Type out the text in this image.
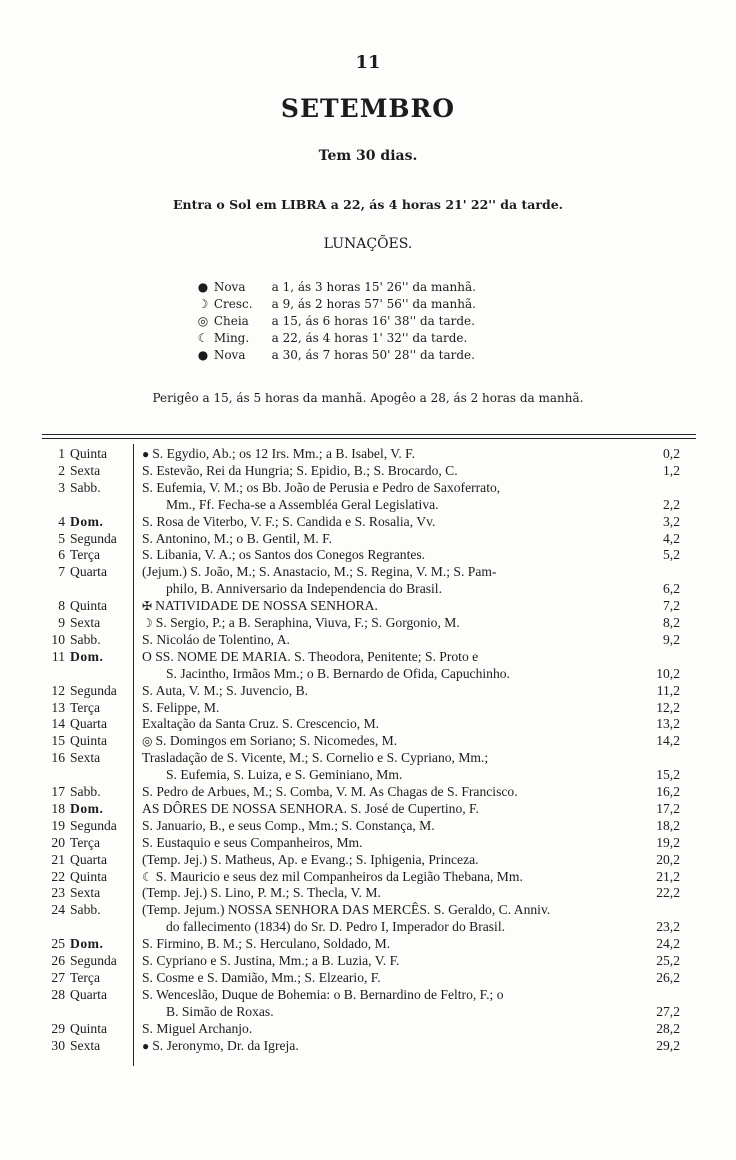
11
SETEMBRO
Tem 30 dias.
Entra o Sol em LIBRA a 22, ás 4 horas 21' 22'' da tarde.
LUNAÇÕES.
● Nova a 1, ás 3 horas 15' 26'' da manhã.
☽ Cresc. a 9, ás 2 horas 57' 56'' da manhã.
◎ Cheia a 15, ás 6 horas 16' 38'' da tarde.
☾ Ming. a 22, ás 4 horas 1' 32'' da tarde.
● Nova a 30, ás 7 horas 50' 28'' da tarde.
Perigêo a 15, ás 5 horas da manhã. Apogêo a 28, ás 2 horas da manhã.
1 Quinta	● S. Egydio, Ab.; os 12 Irs. Mm.; a B. Isabel, V. F.	0,2
2 Sexta	S. Estevão, Rei da Hungria; S. Epidio, B.; S. Brocardo, C.	1,2
3 Sabb.	S. Eufemia, V. M.; os Bb. João de Perusia e Pedro de Saxoferrato,
Mm., Ff. Fecha-se a Assembléa Geral Legislativa.	2,2
4 Dom.	S. Rosa de Viterbo, V. F.; S. Candida e S. Rosalia, Vv.	3,2
5 Segunda S. Antonino, M.; o B. Gentil, M. F.	4,2
6 Terça	S. Libania, V. A.; os Santos dos Conegos Regrantes.	5,2
7 Quarta	(Jejum.) S. João, M.; S. Anastacio, M.; S. Regina, V. M.; S. Pam-
philo, B. Anniversario da Independencia do Brasil.	6,2
8 Quinta	✠ NATIVIDADE DE NOSSA SENHORA.	7,2
9 Sexta	☽ S. Sergio, P.; a B. Seraphina, Viuva, F.; S. Gorgonio, M.	8,2
10 Sabb.	S. Nicoláo de Tolentino, A.	9,2
11 Dom.	O SS. NOME DE MARIA. S. Theodora, Penitente; S. Proto e
S. Jacintho, Irmãos Mm.; o B. Bernardo de Ofida, Capuchinho.	10,2
12 Segunda S. Auta, V. M.; S. Juvencio, B.	11,2
13 Terça	S. Felippe, M.	12,2
14 Quarta	Exaltação da Santa Cruz. S. Crescencio, M.	13,2
15 Quinta	◎ S. Domingos em Soriano; S. Nicomedes, M.	14,2
16 Sexta	Trasladação de S. Vicente, M.; S. Cornelio e S. Cypriano, Mm.;
S. Eufemia, S. Luiza, e S. Geminiano, Mm.	15,2
17 Sabb.	S. Pedro de Arbues, M.; S. Comba, V. M. As Chagas de S. Francisco.	16,2
18 Dom.	AS DÔRES DE NOSSA SENHORA. S. José de Cupertino, F.	17,2
19 Segunda S. Januario, B., e seus Comp., Mm.; S. Constança, M.	18,2
20 Terça	S. Eustaquio e seus Companheiros, Mm.	19,2
21 Quarta	(Temp. Jej.) S. Matheus, Ap. e Evang.; S. Iphigenia, Princeza.	20,2
22 Quinta	☾ S. Mauricio e seus dez mil Companheiros da Legião Thebana, Mm.	21,2
23 Sexta	(Temp. Jej.) S. Lino, P. M.; S. Thecla, V. M.	22,2
24 Sabb.	(Temp. Jejum.) NOSSA SENHORA DAS MERCÊS. S. Geraldo, C. Anniv.
do fallecimento (1834) do Sr. D. Pedro I, Imperador do Brasil.	23,2
25 Dom.	S. Firmino, B. M.; S. Herculano, Soldado, M.	24,2
26 Segunda S. Cypriano e S. Justina, Mm.; a B. Luzia, V. F.	25,2
27 Terça	S. Cosme e S. Damião, Mm.; S. Elzeario, F.	26,2
28 Quarta	S. Wenceslão, Duque de Bohemia: o B. Bernardino de Feltro, F.; o
B. Simão de Roxas.	27,2
29 Quinta	S. Miguel Archanjo.	28,2
30 Sexta	● S. Jeronymo, Dr. da Igreja.	29,2
